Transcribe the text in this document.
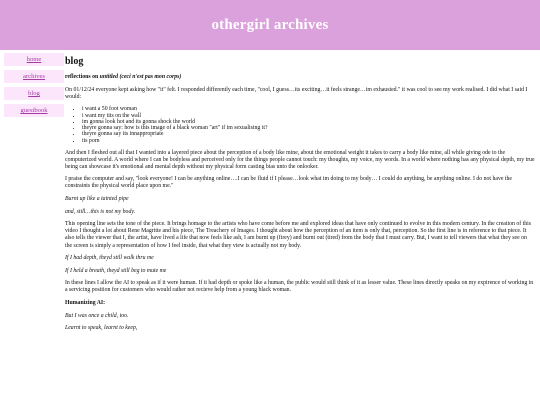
othergirl archives
home
archives
blog
guestbook
blog

reflections on untitled (ceci n'est pas mon corps)

On 01/12/24 everyone kept asking how "it" felt. I responded differently each time, "cool, I guess…its exciting…it feels strange…im exhausted." it was cool to see my work realised. I did what I said I would:

• i want a 50 foot woman
• i want my tits on the wall
• im gonna look hot and its gonna shock the world
• theyre gonna say: how is this image of a black woman "art" if im sexualising it?
• theyre gonna say its innappropriate
• its porn

And then I fleshed out all that I wanted into a layered piece about the perception of a body like mine, about the emotional weight it takes to carry a body like mine, all while giving ode to the computerized world. A world where I can be bodyless and perceived only for the things people cannot touch: my thoughts, my voice, my words. In a world where nothing has any physical depth, my true being can showcase it's emotional and mental depth without my physical form casting bias unto the onlooker.

I praise the computer and say, "look everyone! I can be anything online….I can be fluid if I please…look what im doing to my body… I could do anything, be anything online. I do not have the constraints the physical world place upon me."

Burnt up like a tainted pipe

and, still…this is not my body.

This opening line sets the tone of the piece. It brings homage to the artists who have come before me and explored ideas that have only continued to evolve in this modern century. In the creation of this video I thought a lot about Rene Magritte and his piece, The Treachery of Images. I thought about how the perception of an item is only that, perception. So the first line is in reference to that piece. It also tells the viewer that I, the artist, have lived a life that now feels like ash, I am burnt up (firey) and burnt out (tired) from the body that I must carry. But, I want to tell viewers that what they see on the screen is simply a representation of how I feel inside, that what they view is actually not my body.

If I had depth, theyd still walk thru me

If I held a breath, theyd still beg to mute me

In these lines I allow the AI to speak as if it were human. If it had depth or spoke like a human, the public would still think of it as lesser value. These lines directly speaks on my expirence of working in a servicing position for customers who would rather not recieve help from a young black woman.

Humanizing AI:

But I was once a child, too.

Learnt to speak, learnt to keep,
